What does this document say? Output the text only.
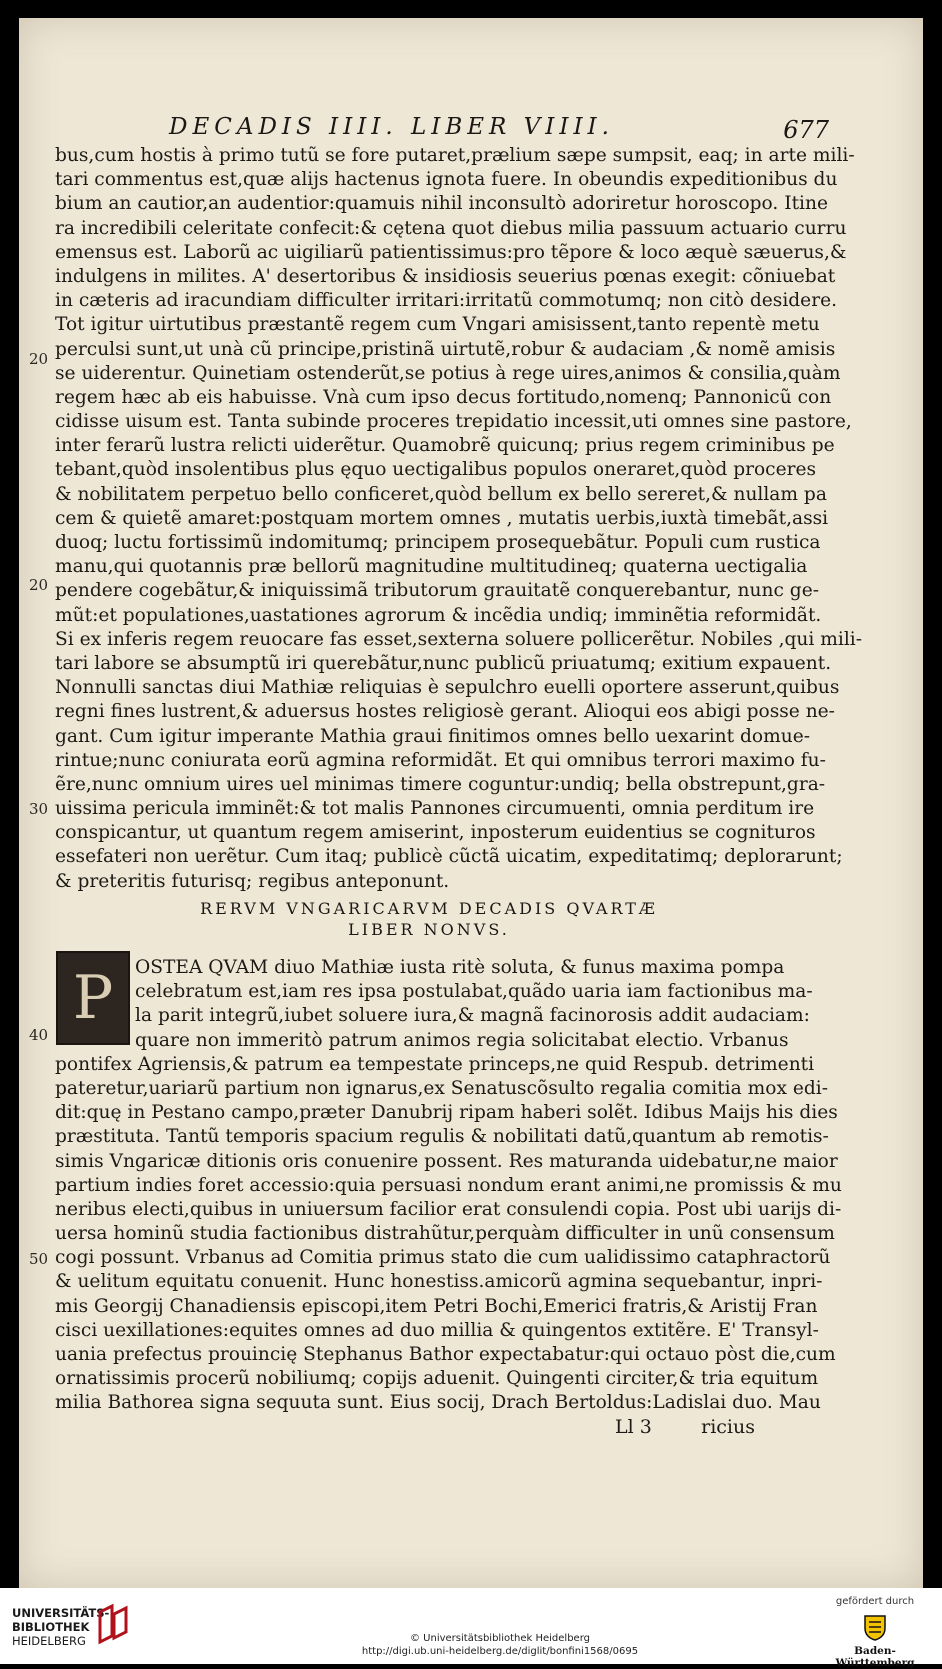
DECADIS IIII. LIBER VIIII.	677
20
20
30
40
50
bus,cum hostis à primo tutũ se fore putaret,prælium sæpe sumpsit, eaq; in arte mili-
tari commentus est,quæ alijs hactenus ignota fuere. In obeundis expeditionibus du
bium an cautior,an audentior:quamuis nihil inconsultò adoriretur horoscopo. Itine
ra incredibili celeritate confecit:& cętena quot diebus milia passuum actuario curru
emensus est. Laborũ ac uigiliarũ patientissimus:pro tẽpore & loco æquè sæuerus,&
indulgens in milites. A' desertoribus & insidiosis seuerius pœnas exegit: cõniuebat
in cæteris ad iracundiam difficulter irritari:irritatũ commotumq; non citò desidere.
Tot igitur uirtutibus præstantẽ regem cum Vngari amisissent,tanto repentè metu
perculsi sunt,ut unà cũ principe,pristinã uirtutẽ,robur & audaciam ,& nomẽ amisis
se uiderentur. Quinetiam ostenderũt,se potius à rege uires,animos & consilia,quàm
regem hæc ab eis habuisse. Vnà cum ipso decus fortitudo,nomenq; Pannonicũ con
cidisse uisum est. Tanta subinde proceres trepidatio incessit,uti omnes sine pastore,
inter ferarũ lustra relicti uiderẽtur. Quamobrẽ quicunq; prius regem criminibus pe
tebant,quòd insolentibus plus ęquo uectigalibus populos oneraret,quòd proceres
& nobilitatem perpetuo bello conficeret,quòd bellum ex bello sereret,& nullam pa
cem & quietẽ amaret:postquam mortem omnes , mutatis uerbis,iuxtà timebãt,assi
duoq; luctu fortissimũ indomitumq; principem prosequebãtur. Populi cum rustica
manu,qui quotannis præ bellorũ magnitudine multitudineq; quaterna uectigalia
pendere cogebãtur,& iniquissimã tributorum grauitatẽ conquerebantur, nunc ge-
mũt:et populationes,uastationes agrorum & incẽdia undiq; imminẽtia reformidãt.
Si ex inferis regem reuocare fas esset,sexterna soluere pollicerẽtur. Nobiles ,qui mili-
tari labore se absumptũ iri querebãtur,nunc publicũ priuatumq; exitium expauent.
Nonnulli sanctas diui Mathiæ reliquias è sepulchro euelli oportere asserunt,quibus
regni fines lustrent,& aduersus hostes religiosè gerant. Alioqui eos abigi posse ne-
gant. Cum igitur imperante Mathia graui finitimos omnes bello uexarint domue-
rintue;nunc coniurata eorũ agmina reformidãt. Et qui omnibus terrori maximo fu-
ẽre,nunc omnium uires uel minimas timere coguntur:undiq; bella obstrepunt,gra-
uissima pericula imminẽt:& tot malis Pannones circumuenti, omnia perditum ire
conspicantur, ut quantum regem amiserint, inposterum euidentius se cognituros
essefateri non uerẽtur. Cum itaq; publicè cũctã uicatim, expeditatimq; deplorarunt;
& preteritis futurisq; regibus anteponunt.
RERVM VNGARICARVM DECADIS QVARTÆ
LIBER NONVS.
P	OSTEA QVAM diuo Mathiæ iusta ritè soluta, & funus maxima pompa
celebratum est,iam res ipsa postulabat,quãdo uaria iam factionibus ma-
la parit integrũ,iubet soluere iura,& magnã facinorosis addit audaciam:
quare non immeritò patrum animos regia solicitabat electio. Vrbanus
pontifex Agriensis,& patrum ea tempestate princeps,ne quid Respub. detrimenti
pateretur,uariarũ partium non ignarus,ex Senatuscõsulto regalia comitia mox edi-
dit:quę in Pestano campo,præter Danubrij ripam haberi solẽt. Idibus Maijs his dies
præstituta. Tantũ temporis spacium regulis & nobilitati datũ,quantum ab remotis-
simis Vngaricæ ditionis oris conuenire possent. Res maturanda uidebatur,ne maior
partium indies foret accessio:quia persuasi nondum erant animi,ne promissis & mu
neribus electi,quibus in uniuersum facilior erat consulendi copia. Post ubi uarijs di-
uersa hominũ studia factionibus distrahũtur,perquàm difficulter in unũ consensum
cogi possunt. Vrbanus ad Comitia primus stato die cum ualidissimo cataphractorũ
& uelitum equitatu conuenit. Hunc honestiss.amicorũ agmina sequebantur, inpri-
mis Georgij Chanadiensis episcopi,item Petri Bochi,Emerici fratris,& Aristij Fran
cisci uexillationes:equites omnes ad duo millia & quingentos extitẽre. E' Transyl-
uania prefectus prouincię Stephanus Bathor expectabatur:qui octauo pòst die,cum
ornatissimis procerũ nobiliumq; copijs aduenit. Quingenti circiter,& tria equitum
milia Bathorea signa sequuta sunt. Eius socij, Drach Bertoldus:Ladislai duo. Mau
Ll 3	ricius
UNIVERSITÄTS-
BIBLIOTHEK
HEIDELBERG	© Universitätsbibliothek Heidelberg
http://digi.ub.uni-heidelberg.de/diglit/bonfini1568/0695
gefördert durch
Baden-Württemberg
